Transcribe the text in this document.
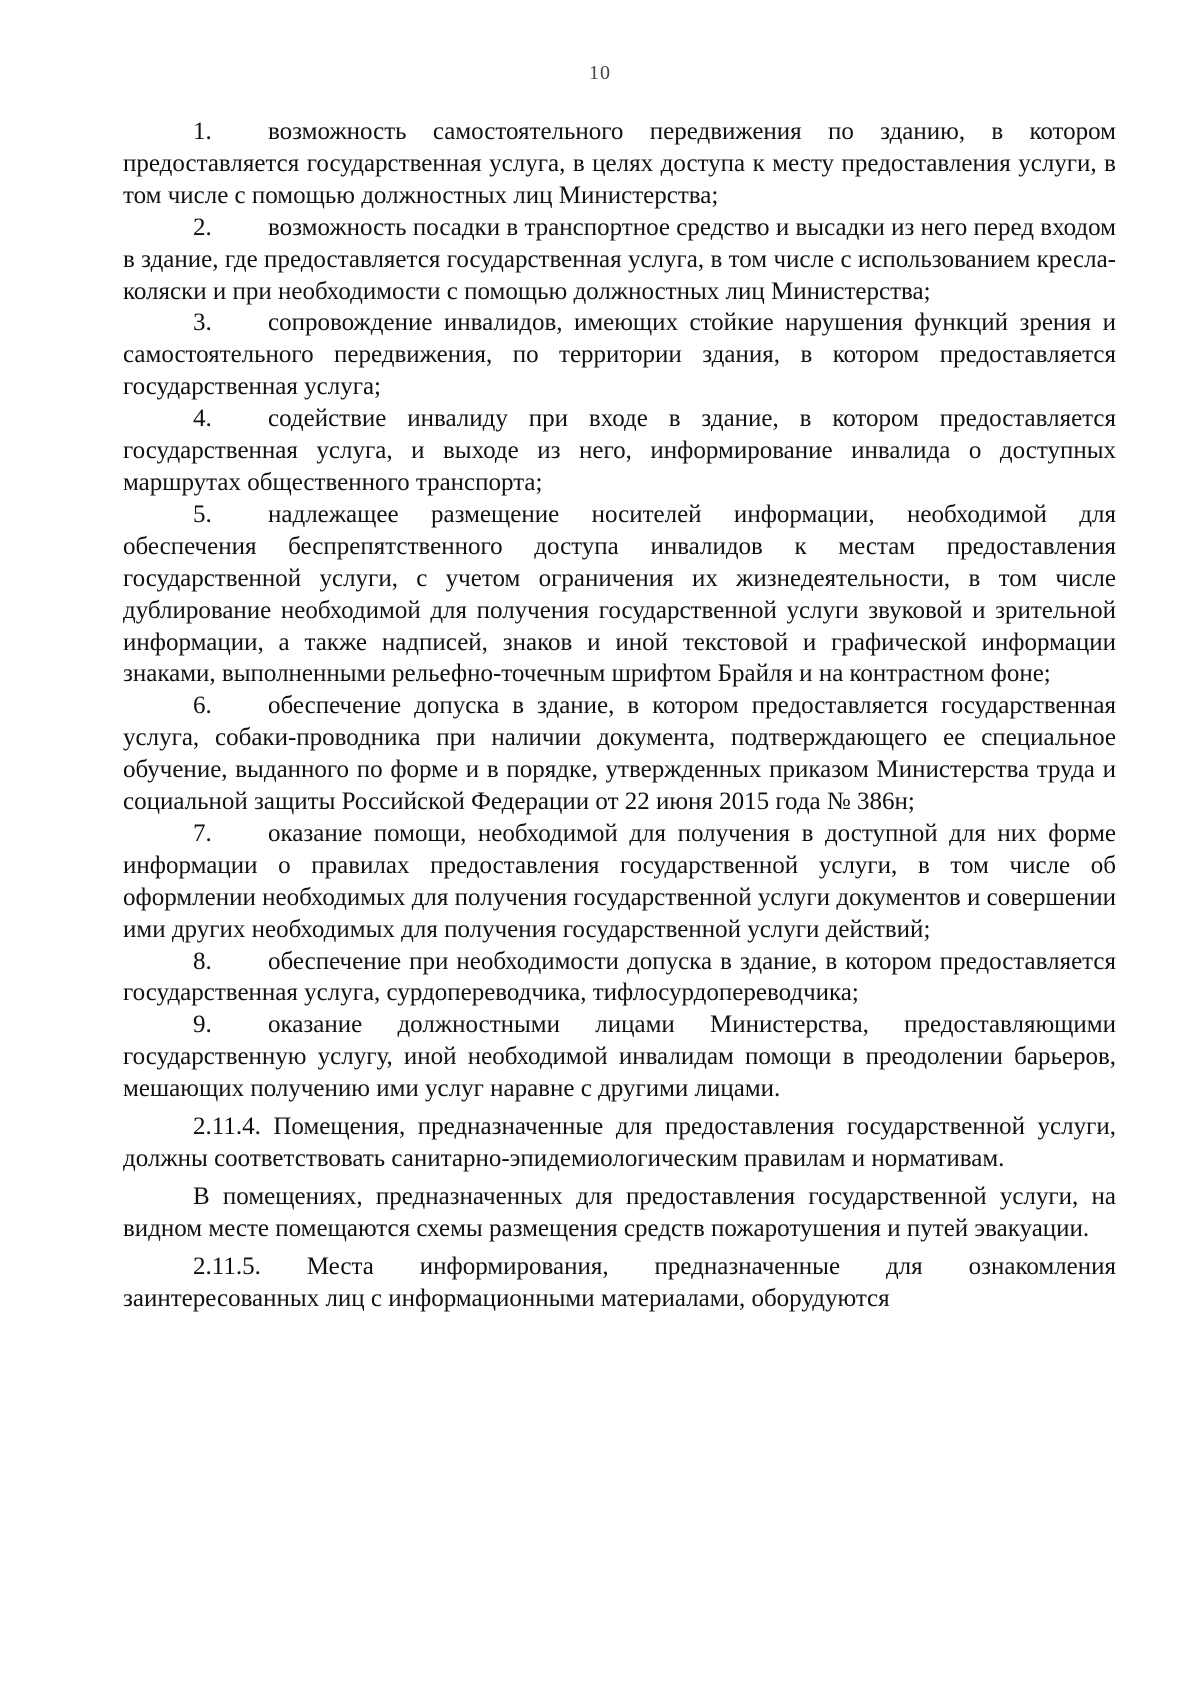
10

1. возможность самостоятельного передвижения по зданию, в котором предоставляется государственная услуга, в целях доступа к месту предоставления услуги, в том числе с помощью должностных лиц Министерства;

2. возможность посадки в транспортное средство и высадки из него перед входом в здание, где предоставляется государственная услуга, в том числе с использованием кресла-коляски и при необходимости с помощью должностных лиц Министерства;

3. сопровождение инвалидов, имеющих стойкие нарушения функций зрения и самостоятельного передвижения, по территории здания, в котором предоставляется государственная услуга;

4. содействие инвалиду при входе в здание, в котором предоставляется государственная услуга, и выходе из него, информирование инвалида о доступных маршрутах общественного транспорта;

5. надлежащее размещение носителей информации, необходимой для обеспечения беспрепятственного доступа инвалидов к местам предоставления государственной услуги, с учетом ограничения их жизнедеятельности, в том числе дублирование необходимой для получения государственной услуги звуковой и зрительной информации, а также надписей, знаков и иной текстовой и графической информации знаками, выполненными рельефно-точечным шрифтом Брайля и на контрастном фоне;

6. обеспечение допуска в здание, в котором предоставляется государственная услуга, собаки-проводника при наличии документа, подтверждающего ее специальное обучение, выданного по форме и в порядке, утвержденных приказом Министерства труда и социальной защиты Российской Федерации от 22 июня 2015 года № 386н;

7. оказание помощи, необходимой для получения в доступной для них форме информации о правилах предоставления государственной услуги, в том числе об оформлении необходимых для получения государственной услуги документов и совершении ими других необходимых для получения государственной услуги действий;

8. обеспечение при необходимости допуска в здание, в котором предоставляется государственная услуга, сурдопереводчика, тифлосурдопереводчика;

9. оказание должностными лицами Министерства, предоставляющими государственную услугу, иной необходимой инвалидам помощи в преодолении барьеров, мешающих получению ими услуг наравне с другими лицами.

2.11.4. Помещения, предназначенные для предоставления государственной услуги, должны соответствовать санитарно-эпидемиологическим правилам и нормативам.

В помещениях, предназначенных для предоставления государственной услуги, на видном месте помещаются схемы размещения средств пожаротушения и путей эвакуации.

2.11.5. Места информирования, предназначенные для ознакомления заинтересованных лиц с информационными материалами, оборудуются
